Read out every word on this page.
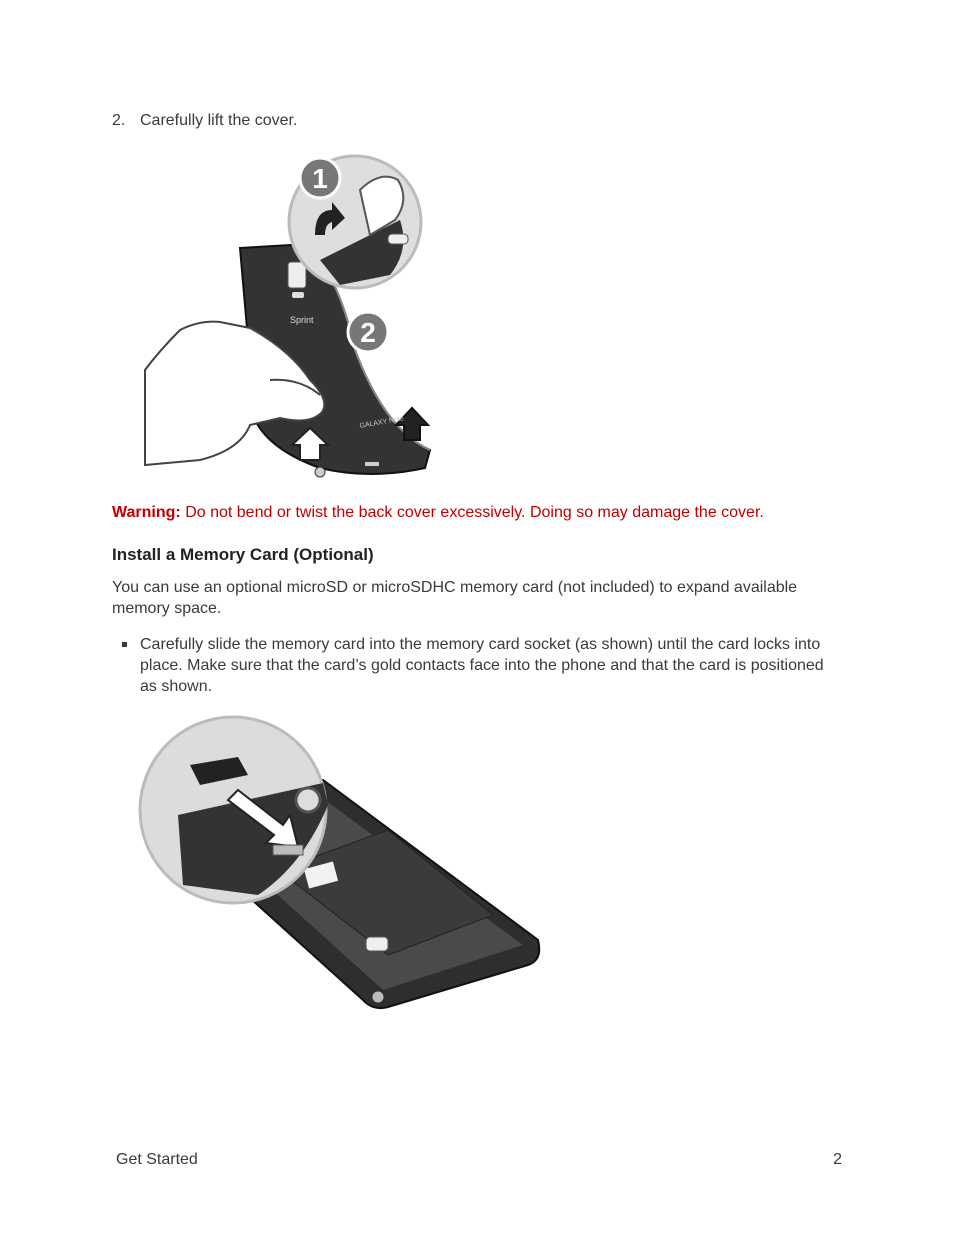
2. Carefully lift the cover.
1
2
Sprint
GALAXY Note
Warning: Do not bend or twist the back cover excessively. Doing so may damage the cover.
Install a Memory Card (Optional)
You can use an optional microSD or microSDHC memory card (not included) to expand available memory space.
Carefully slide the memory card into the memory card socket (as shown) until the card locks into place. Make sure that the card’s gold contacts face into the phone and that the card is positioned as shown.
Get Started	2
